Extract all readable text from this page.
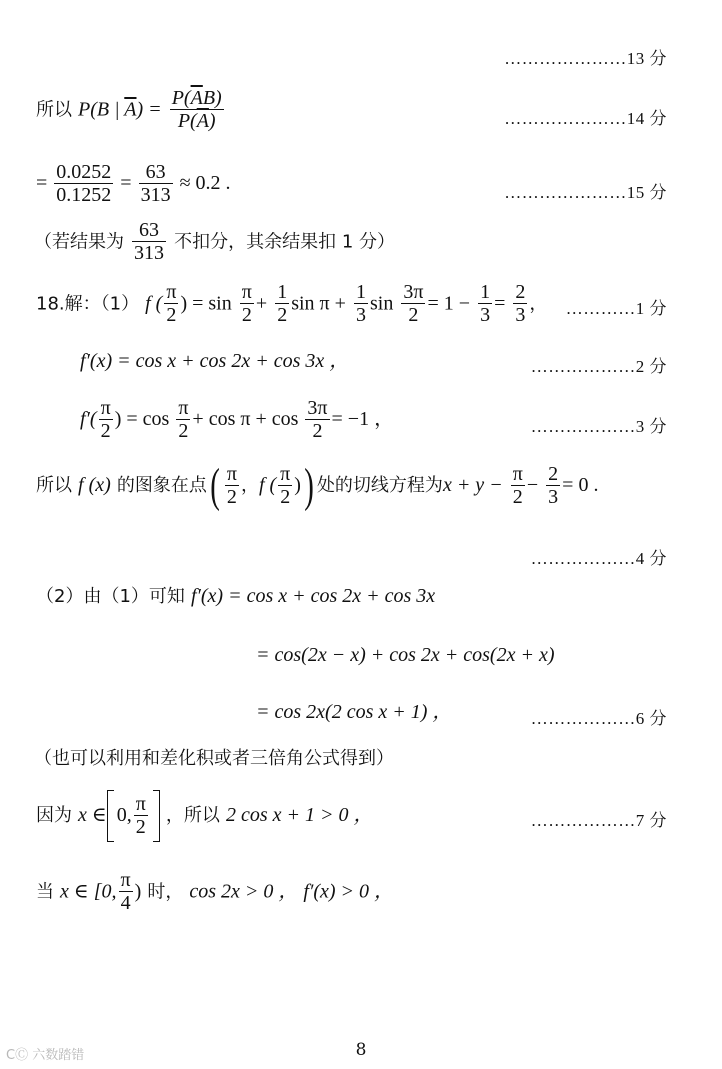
…………………13 分
所以 P(B | $\overline{A}) = \frac{P(\overline{A}B)}{P(\overline{A})}$	…………………14 分
= $\frac{0.0252}{0.1252} = \frac{63}{313} \approx 0.2$ .	…………………15 分
（若结果为 $\frac{63}{313}$ 不扣分，其余结果扣 1 分）
18.解：（1） f ( $\frac{\pi}{2}$ ) = $\sin \frac{\pi}{2} + \frac{1}{2}$ $\sin \pi + \frac{1}{3}$ $\sin \frac{3\pi}{2} = 1 - \frac{1}{3} = \frac{2}{3}$ ， …………1 分
f′(x) = cos x + cos 2x + cos 3x ，	………………2 分
$f'( \frac{\pi}{2}$ ) = $\cos \frac{\pi}{2} + \cos \pi + \cos \frac{3\pi}{2} = -1$ ，	………………3 分
所以 f (x) 的图象在点( $\frac{\pi}{2}$ ，f ( $\frac{\pi}{2}$ )) 处的切线方程为$x + y - \frac{\pi}{2} - \frac{2}{3} = 0$ .
………………4 分
（2）由（1）可知 f′(x) = cos x + cos 2x + cos 3x
= cos(2x − x) + cos 2x + cos(2x + x)
= cos 2x(2 cos x + 1) ，	………………6 分
（也可以利用和差化积或者三倍角公式得到）
因为 x ∈ 0, $\frac{\pi}{2}$ ，所以 2 cos x + 1 > 0 ，	………………7 分
当 x ∈ [0, $\frac{\pi}{4}$ ) 时， cos 2x > 0 ， f′(x) > 0 ，
8
CⒸ 六数踏错
